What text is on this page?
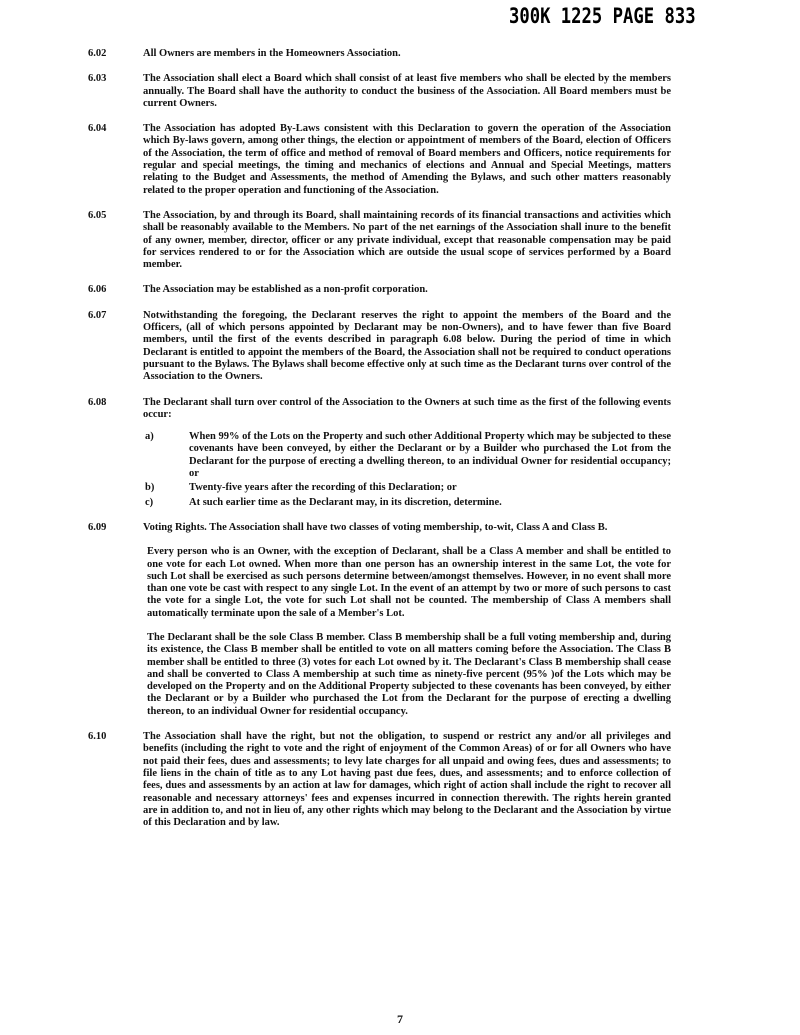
300K 1225 PAGE 833
6.02	All Owners are members in the Homeowners Association.

6.03	The Association shall elect a Board which shall consist of at least five members who shall be elected by the members annually. The Board shall have the authority to conduct the business of the Association. All Board members must be current Owners.

6.04	The Association has adopted By-Laws consistent with this Declaration to govern the operation of the Association which By-laws govern, among other things, the election or appointment of members of the Board, election of Officers of the Association, the term of office and method of removal of Board members and Officers, notice requirements for regular and special meetings, the timing and mechanics of elections and Annual and Special Meetings, matters relating to the Budget and Assessments, the method of Amending the Bylaws, and such other matters reasonably related to the proper operation and functioning of the Association.

6.05	The Association, by and through its Board, shall maintaining records of its financial transactions and activities which shall be reasonably available to the Members. No part of the net earnings of the Association shall inure to the benefit of any owner, member, director, officer or any private individual, except that reasonable compensation may be paid for services rendered to or for the Association which are outside the usual scope of services performed by a Board member.

6.06	The Association may be established as a non-profit corporation.

6.07	Notwithstanding the foregoing, the Declarant reserves the right to appoint the members of the Board and the Officers, (all of which persons appointed by Declarant may be non-Owners), and to have fewer than five Board members, until the first of the events described in paragraph 6.08 below. During the period of time in which Declarant is entitled to appoint the members of the Board, the Association shall not be required to conduct operations pursuant to the Bylaws. The Bylaws shall become effective only at such time as the Declarant turns over control of the Association to the Owners.

6.08	The Declarant shall turn over control of the Association to the Owners at such time as the first of the following events occur:

a)	When 99% of the Lots on the Property and such other Additional Property which may be subjected to these covenants have been conveyed, by either the Declarant or by a Builder who purchased the Lot from the Declarant for the purpose of erecting a dwelling thereon, to an individual Owner for residential occupancy; or
b)	Twenty-five years after the recording of this Declaration; or
c)	At such earlier time as the Declarant may, in its discretion, determine.
6.09	Voting Rights. The Association shall have two classes of voting membership, to-wit, Class A and Class B.

Every person who is an Owner, with the exception of Declarant, shall be a Class A member and shall be entitled to one vote for each Lot owned. When more than one person has an ownership interest in the same Lot, the vote for such Lot shall be exercised as such persons determine between/amongst themselves. However, in no event shall more than one vote be cast with respect to any single Lot. In the event of an attempt by two or more of such persons to cast the vote for a single Lot, the vote for such Lot shall not be counted. The membership of Class A members shall automatically terminate upon the sale of a Member's Lot.

The Declarant shall be the sole Class B member. Class B membership shall be a full voting membership and, during its existence, the Class B member shall be entitled to vote on all matters coming before the Association. The Class B member shall be entitled to three (3) votes for each Lot owned by it. The Declarant's Class B membership shall cease and shall be converted to Class A membership at such time as ninety-five percent (95% )of the Lots which may be developed on the Property and on the Additional Property subjected to these covenants has been conveyed, by either the Declarant or by a Builder who purchased the Lot from the Declarant for the purpose of erecting a dwelling thereon, to an individual Owner for residential occupancy.

6.10	The Association shall have the right, but not the obligation, to suspend or restrict any and/or all privileges and benefits (including the right to vote and the right of enjoyment of the Common Areas) of or for all Owners who have not paid their fees, dues and assessments; to levy late charges for all unpaid and owing fees, dues and assessments; to file liens in the chain of title as to any Lot having past due fees, dues, and assessments; and to enforce collection of fees, dues and assessments by an action at law for damages, which right of action shall include the right to recover all reasonable and necessary attorneys' fees and expenses incurred in connection therewith. The rights herein granted are in addition to, and not in lieu of, any other rights which may belong to the Declarant and the Association by virtue of this Declaration and by law.

7
